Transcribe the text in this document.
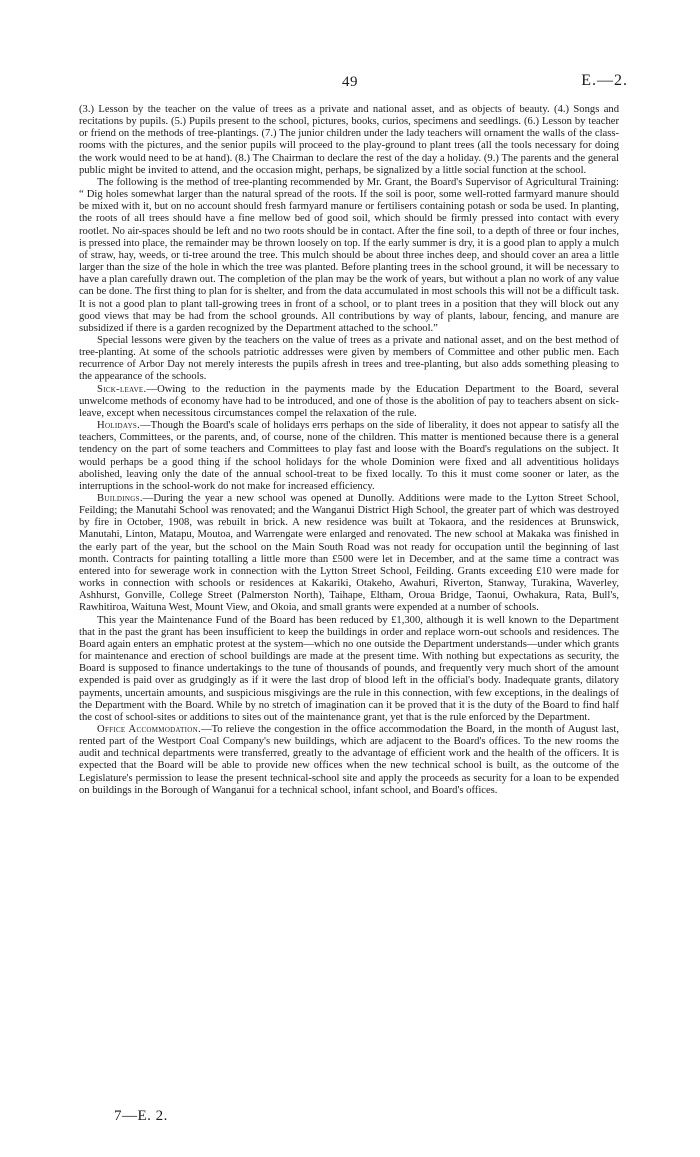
49	E.—2.

(3.) Lesson by the teacher on the value of trees as a private and national asset, and as objects of beauty. (4.) Songs and recitations by pupils. (5.) Pupils present to the school, pictures, books, curios, specimens and seedlings. (6.) Lesson by teacher or friend on the methods of tree-plantings. (7.) The junior children under the lady teachers will ornament the walls of the class-rooms with the pictures, and the senior pupils will proceed to the play-ground to plant trees (all the tools necessary for doing the work would need to be at hand). (8.) The Chairman to declare the rest of the day a holiday. (9.) The parents and the general public might be invited to attend, and the occasion might, perhaps, be signalized by a little social function at the school.

The following is the method of tree-planting recommended by Mr. Grant, the Board's Supervisor of Agricultural Training: “ Dig holes somewhat larger than the natural spread of the roots. If the soil is poor, some well-rotted farmyard manure should be mixed with it, but on no account should fresh farmyard manure or fertilisers containing potash or soda be used. In planting, the roots of all trees should have a fine mellow bed of good soil, which should be firmly pressed into contact with every rootlet. No air-spaces should be left and no two roots should be in contact. After the fine soil, to a depth of three or four inches, is pressed into place, the remainder may be thrown loosely on top. If the early summer is dry, it is a good plan to apply a mulch of straw, hay, weeds, or ti-tree around the tree. This mulch should be about three inches deep, and should cover an area a little larger than the size of the hole in which the tree was planted. Before planting trees in the school ground, it will be necessary to have a plan carefully drawn out. The completion of the plan may be the work of years, but without a plan no work of any value can be done. The first thing to plan for is shelter, and from the data accumulated in most schools this will not be a difficult task. It is not a good plan to plant tall-growing trees in front of a school, or to plant trees in a position that they will block out any good views that may be had from the school grounds. All contributions by way of plants, labour, fencing, and manure are subsidized if there is a garden recognized by the Department attached to the school.”

Special lessons were given by the teachers on the value of trees as a private and national asset, and on the best method of tree-planting. At some of the schools patriotic addresses were given by members of Committee and other public men. Each recurrence of Arbor Day not merely interests the pupils afresh in trees and tree-planting, but also adds something pleasing to the appearance of the schools.

Sick-leave.—Owing to the reduction in the payments made by the Education Department to the Board, several unwelcome methods of economy have had to be introduced, and one of those is the abolition of pay to teachers absent on sick-leave, except when necessitous circumstances compel the relaxation of the rule.

Holidays.—Though the Board's scale of holidays errs perhaps on the side of liberality, it does not appear to satisfy all the teachers, Committees, or the parents, and, of course, none of the children. This matter is mentioned because there is a general tendency on the part of some teachers and Committees to play fast and loose with the Board's regulations on the subject. It would perhaps be a good thing if the school holidays for the whole Dominion were fixed and all adventitious holidays abolished, leaving only the date of the annual school-treat to be fixed locally. To this it must come sooner or later, as the interruptions in the school-work do not make for increased efficiency.

Buildings.—During the year a new school was opened at Dunolly. Additions were made to the Lytton Street School, Feilding; the Manutahi School was renovated; and the Wanganui District High School, the greater part of which was destroyed by fire in October, 1908, was rebuilt in brick. A new residence was built at Tokaora, and the residences at Brunswick, Manutahi, Linton, Matapu, Moutoa, and Warrengate were enlarged and renovated. The new school at Makaka was finished in the early part of the year, but the school on the Main South Road was not ready for occupation until the beginning of last month. Contracts for painting totalling a little more than £500 were let in December, and at the same time a contract was entered into for sewerage work in connection with the Lytton Street School, Feilding. Grants exceeding £10 were made for works in connection with schools or residences at Kakariki, Otakeho, Awahuri, Riverton, Stanway, Turakina, Waverley, Ashhurst, Gonville, College Street (Palmerston North), Taihape, Eltham, Oroua Bridge, Taonui, Owhakura, Rata, Bull's, Rawhitiroa, Waituna West, Mount View, and Okoia, and small grants were expended at a number of schools.

This year the Maintenance Fund of the Board has been reduced by £1,300, although it is well known to the Department that in the past the grant has been insufficient to keep the buildings in order and replace worn-out schools and residences. The Board again enters an emphatic protest at the system—which no one outside the Department understands—under which grants for maintenance and erection of school buildings are made at the present time. With nothing but expectations as security, the Board is supposed to finance undertakings to the tune of thousands of pounds, and frequently very much short of the amount expended is paid over as grudgingly as if it were the last drop of blood left in the official's body. Inadequate grants, dilatory payments, uncertain amounts, and suspicious misgivings are the rule in this connection, with few exceptions, in the dealings of the Department with the Board. While by no stretch of imagination can it be proved that it is the duty of the Board to find half the cost of school-sites or additions to sites out of the maintenance grant, yet that is the rule enforced by the Department.

Office Accommodation.—To relieve the congestion in the office accommodation the Board, in the month of August last, rented part of the Westport Coal Company's new buildings, which are adjacent to the Board's offices. To the new rooms the audit and technical departments were transferred, greatly to the advantage of efficient work and the health of the officers. It is expected that the Board will be able to provide new offices when the new technical school is built, as the outcome of the Legislature's permission to lease the present technical-school site and apply the proceeds as security for a loan to be expended on buildings in the Borough of Wanganui for a technical school, infant school, and Board's offices.

7—E. 2.
